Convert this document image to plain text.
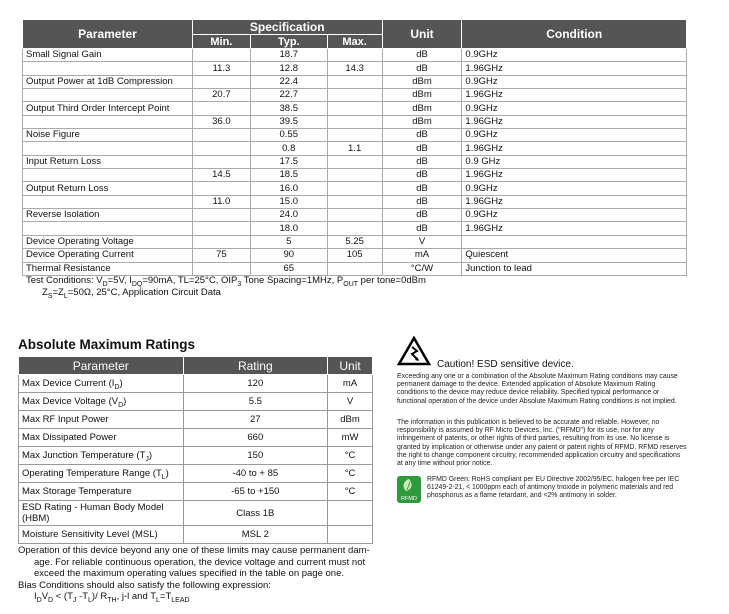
Parameter	Specification			Unit	Condition
	Min.	Typ.	Max.		
Small Signal Gain		18.7		dB	0.9GHz
	11.3	12.8	14.3	dB	1.96GHz
Output Power at 1dB Compression		22.4		dBm	0.9GHz
	20.7	22.7		dBm	1.96GHz
Output Third Order Intercept Point		38.5		dBm	0.9GHz
	36.0	39.5		dBm	1.96GHz
Noise Figure		0.55		dB	0.9GHz
		0.8	1.1	dB	1.96GHz
Input Return Loss		17.5		dB	0.9 GHz
	14.5	18.5		dB	1.96GHz
Output Return Loss		16.0		dB	0.9GHz
	11.0	15.0		dB	1.96GHz
Reverse Isolation		24.0		dB	0.9GHz
		18.0		dB	1.96GHz
Device Operating Voltage		5	5.25	V	
Device Operating Current	75	90	105	mA	Quiescent
Thermal Resistance		65		°C/W	Junction to lead
Test Conditions: $V_D=5V$, $I_{DQ}=90mA$, TL=25°C, $OIP_3$ Tone Spacing=1MHz, $P_{OUT}$ per tone=0dBm
$Z_S=Z_L=50\Omega$, 25°C, Application Circuit Data
Absolute Maximum Ratings
Parameter	Rating	Unit
Max Device Current $(I_D)$	120	mA
Max Device Voltage $(V_D)$	5.5	V
Max RF Input Power	27	dBm
Max Dissipated Power	660	mW
Max Junction Temperature $(T_J)$	150	°C
Operating Temperature Range $(T_L)$	-40 to + 85	°C
Max Storage Temperature	-65 to +150	°C
ESD Rating - Human Body Model (HBM)	Class 1B	
Moisture Sensitivity Level (MSL)	MSL 2	
Operation of this device beyond any one of these limits may cause permanent dam-
age. For reliable continuous operation, the device voltage and current must not
exceed the maximum operating values specified in the table on page one.
Bias Conditions should also satisfy the following expression:
$I_DV_D < (T_J$ $-T_L)/$ $R_{TH}$, j-l and $T_L=T_{LEAD}$
Caution! ESD sensitive device.
Exceeding any one or a combination of the Absolute Maximum Rating conditions may cause permanent damage to the device. Extended application of Absolute Maximum Rating conditions to the device may reduce device reliability. Specified typical performance or functional operation of the device under Absolute Maximum Rating conditions is not implied.
The information in this publication is believed to be accurate and reliable. However, no responsibility is assumed by RF Micro Devices, Inc. ("RFMD") for its use, nor for any infringement of patents, or other rights of third parties, resulting from its use. No license is granted by implication or otherwise under any patent or patent rights of RFMD. RFMD reserves the right to change component circuitry, recommended application circuitry and specifications at any time without prior notice.
RFMD
RFMD Green: RoHS compliant per EU Directive 2002/95/EC, halogen free per IEC 61249-2-21, < 1000ppm each of antimony trioxide in polymeric materials and red phosphorus as a flame retardant, and <2% antimony in solder.
